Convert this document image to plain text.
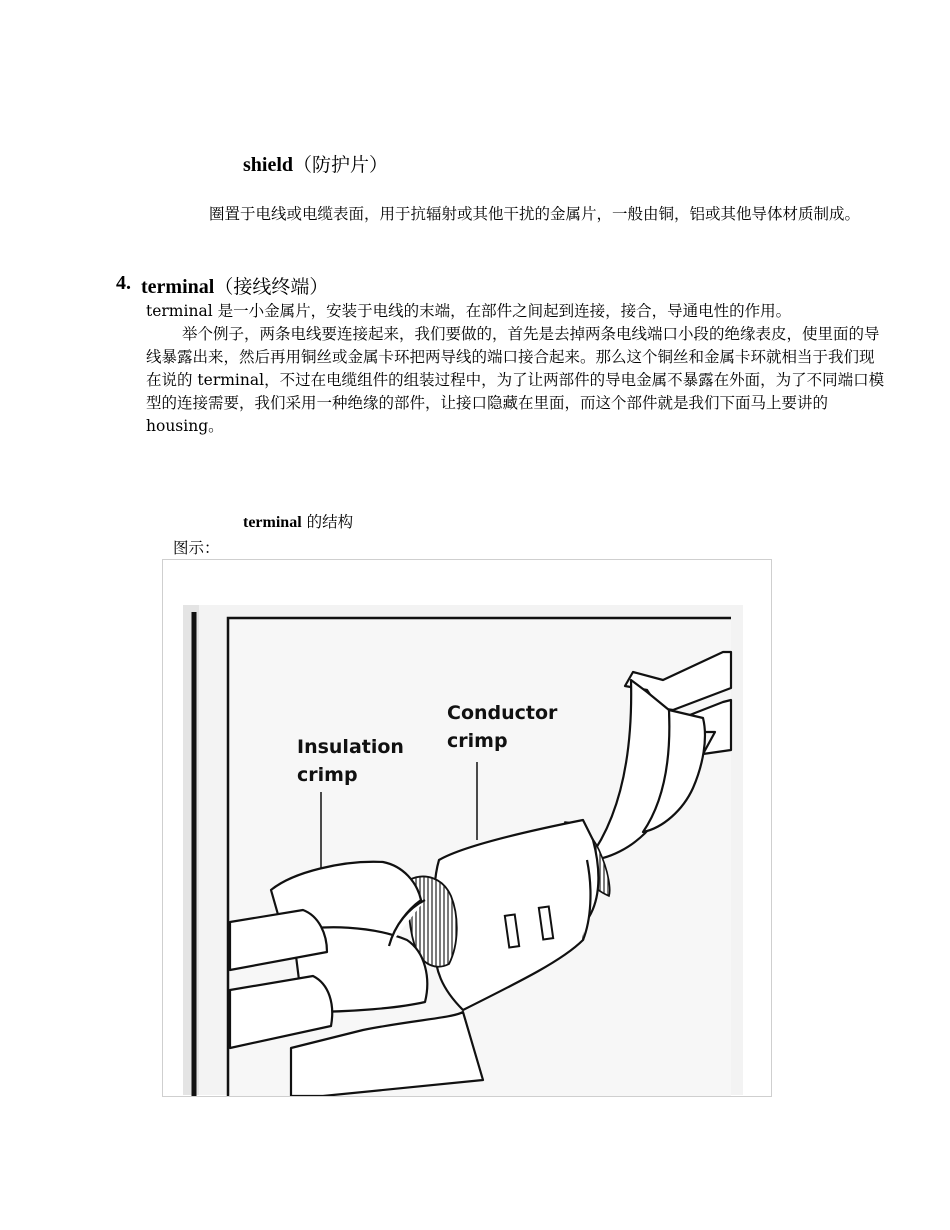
shield（防护片）
圈置于电线或电缆表面，用于抗辐射或其他干扰的金属片，一般由铜，铝或其他导体材质制成。
4. terminal（接线终端）

terminal 是一小金属片，安装于电线的末端，在部件之间起到连接，接合，导通电性的作用。

举个例子，两条电线要连接起来，我们要做的，首先是去掉两条电线端口小段的绝缘表皮，使里面的导线暴露出来，然后再用铜丝或金属卡环把两导线的端口接合起来。那么这个铜丝和金属卡环就相当于我们现在说的 terminal，不过在电缆组件的组装过程中，为了让两部件的导电金属不暴露在外面，为了不同端口模型的连接需要，我们采用一种绝缘的部件，让接口隐藏在里面，而这个部件就是我们下面马上要讲的 housing。

terminal 的结构
图示：
Insulation
crimp
Conductor
crimp
